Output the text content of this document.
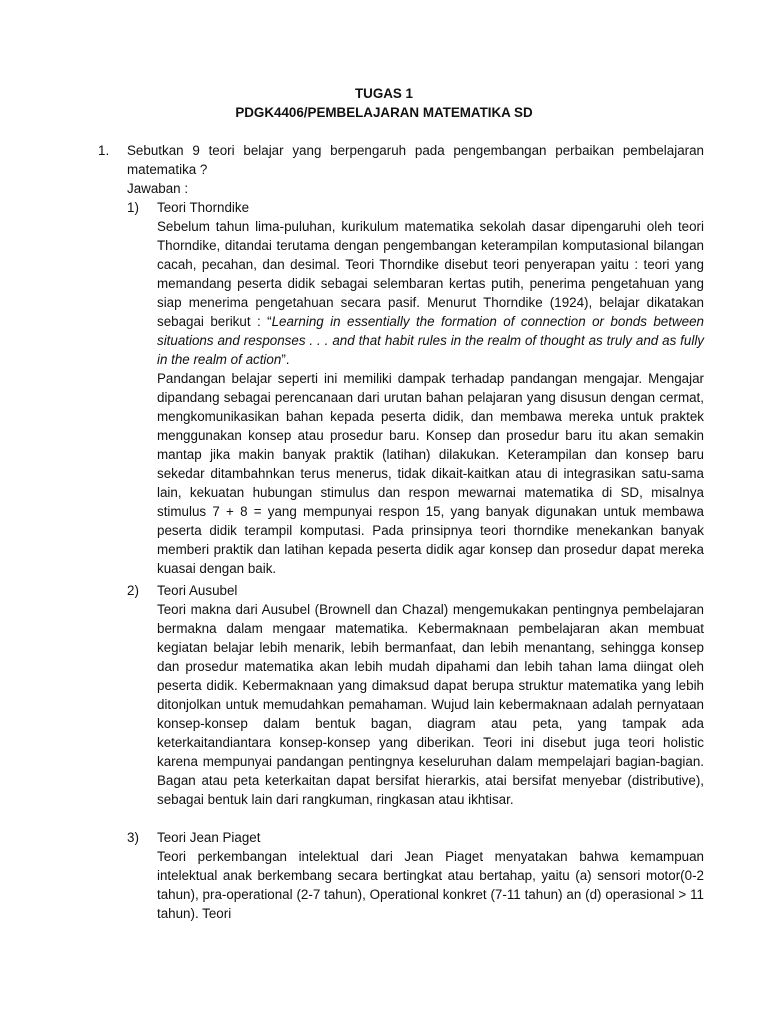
TUGAS 1
PDGK4406/PEMBELAJARAN MATEMATIKA SD
1. Sebutkan 9 teori belajar yang berpengaruh pada pengembangan perbaikan pembelajaran matematika ?
Jawaban :
1) Teori Thorndike

Sebelum tahun lima-puluhan, kurikulum matematika sekolah dasar dipengaruhi oleh teori Thorndike, ditandai terutama dengan pengembangan keterampilan komputasional bilangan cacah, pecahan, dan desimal. Teori Thorndike disebut teori penyerapan yaitu : teori yang memandang peserta didik sebagai selembaran kertas putih, penerima pengetahuan yang siap menerima pengetahuan secara pasif. Menurut Thorndike (1924), belajar dikatakan sebagai berikut : “Learning in essentially the formation of connection or bonds between situations and responses . . . and that habit rules in the realm of thought as truly and as fully in the realm of action”.

Pandangan belajar seperti ini memiliki dampak terhadap pandangan mengajar. Mengajar dipandang sebagai perencanaan dari urutan bahan pelajaran yang disusun dengan cermat, mengkomunikasikan bahan kepada peserta didik, dan membawa mereka untuk praktek menggunakan konsep atau prosedur baru. Konsep dan prosedur baru itu akan semakin mantap jika makin banyak praktik (latihan) dilakukan. Keterampilan dan konsep baru sekedar ditambahnkan terus menerus, tidak dikait-kaitkan atau di integrasikan satu-sama lain, kekuatan hubungan stimulus dan respon mewarnai matematika di SD, misalnya stimulus 7 + 8 = yang mempunyai respon 15, yang banyak digunakan untuk membawa peserta didik terampil komputasi. Pada prinsipnya teori thorndike menekankan banyak memberi praktik dan latihan kepada peserta didik agar konsep dan prosedur dapat mereka kuasai dengan baik.

2) Teori Ausubel

Teori makna dari Ausubel (Brownell dan Chazal) mengemukakan pentingnya pembelajaran bermakna dalam mengaar matematika. Kebermaknaan pembelajaran akan membuat kegiatan belajar lebih menarik, lebih bermanfaat, dan lebih menantang, sehingga konsep dan prosedur matematika akan lebih mudah dipahami dan lebih tahan lama diingat oleh peserta didik. Kebermaknaan yang dimaksud dapat berupa struktur matematika yang lebih ditonjolkan untuk memudahkan pemahaman. Wujud lain kebermaknaan adalah pernyataan konsep-konsep dalam bentuk bagan, diagram atau peta, yang tampak ada keterkaitandiantara konsep-konsep yang diberikan. Teori ini disebut juga teori holistic karena mempunyai pandangan pentingnya keseluruhan dalam mempelajari bagian-bagian. Bagan atau peta keterkaitan dapat bersifat hierarkis, atai bersifat menyebar (distributive), sebagai bentuk lain dari rangkuman, ringkasan atau ikhtisar.

3) Teori Jean Piaget

Teori perkembangan intelektual dari Jean Piaget menyatakan bahwa kemampuan intelektual anak berkembang secara bertingkat atau bertahap, yaitu (a) sensori motor(0-2 tahun), pra-operational (2-7 tahun), Operational konkret (7-11 tahun) an (d) operasional > 11 tahun). Teori
